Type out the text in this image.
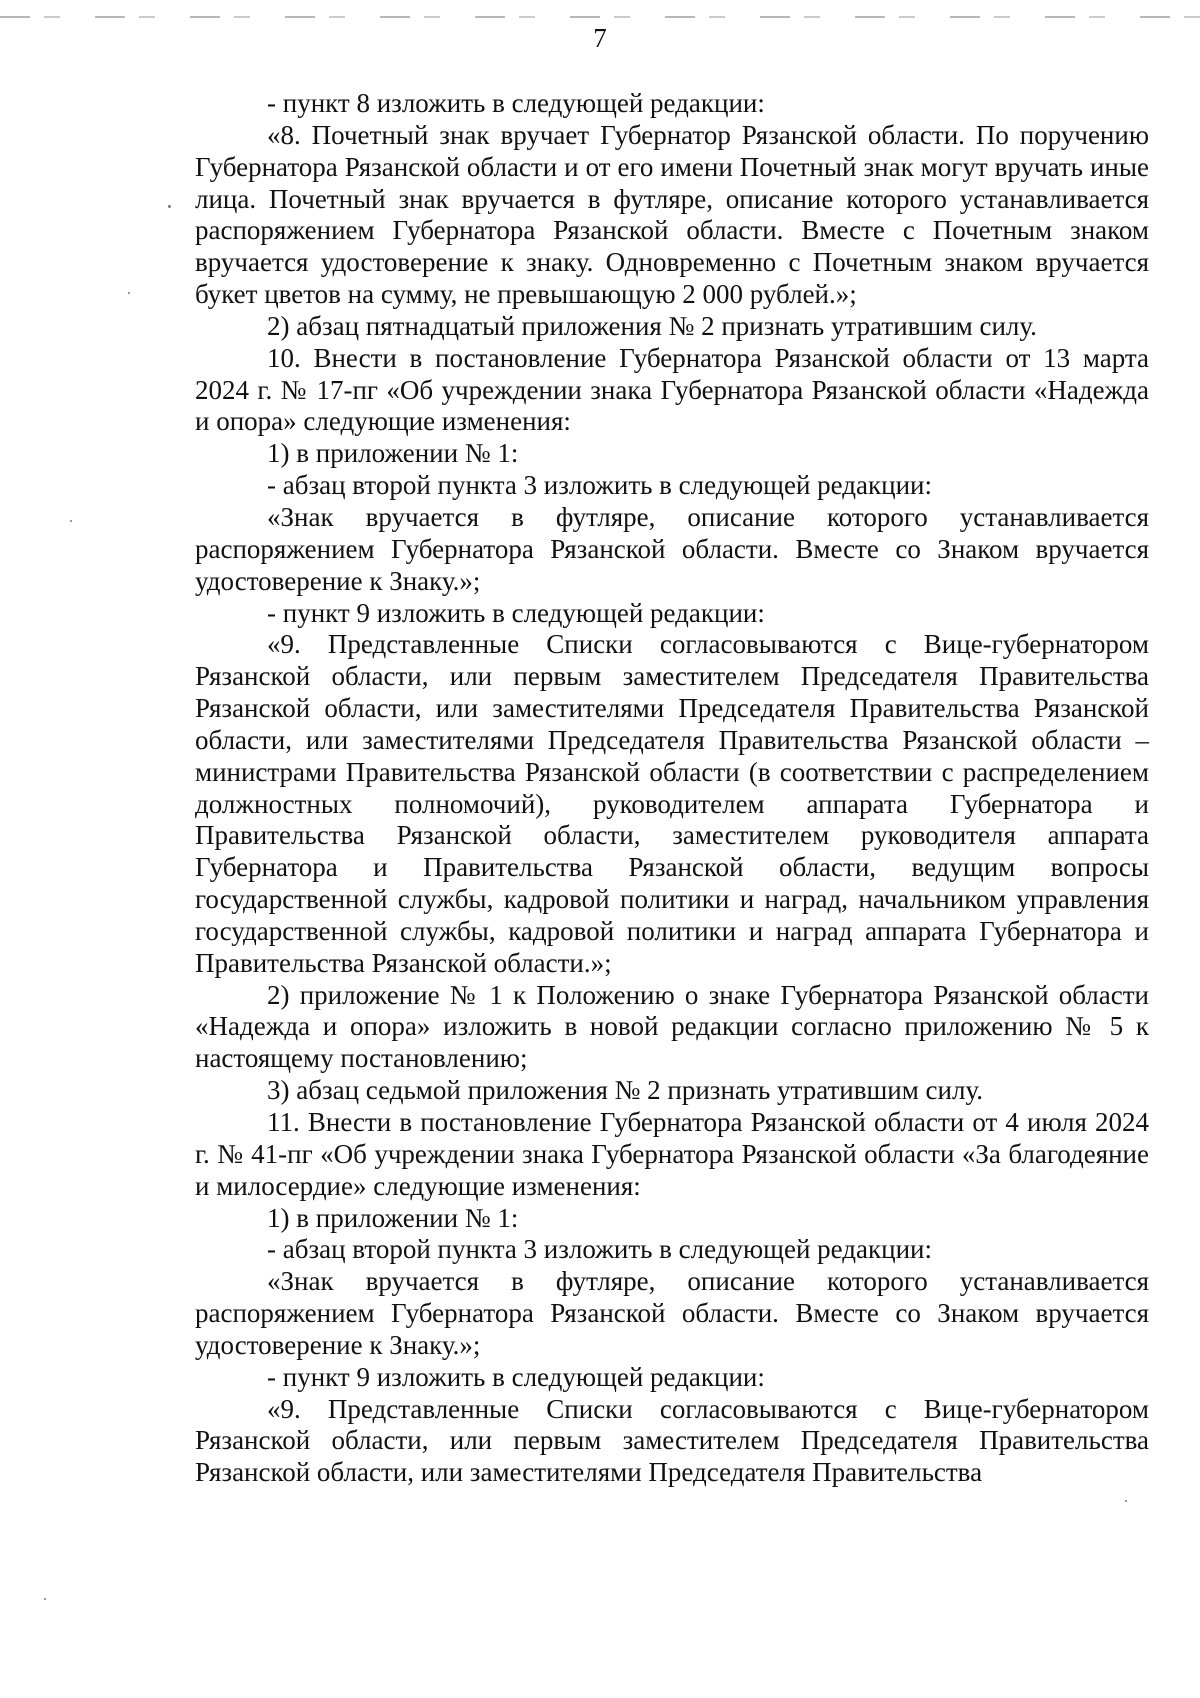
7

- пункт 8 изложить в следующей редакции:

«8. Почетный знак вручает Губернатор Рязанской области. По поручению Губернатора Рязанской области и от его имени Почетный знак могут вручать иные лица. Почетный знак вручается в футляре, описание которого устанавливается распоряжением Губернатора Рязанской области. Вместе с Почетным знаком вручается удостоверение к знаку. Одновременно с Почетным знаком вручается букет цветов на сумму, не превышающую 2 000 рублей.»;

2) абзац пятнадцатый приложения № 2 признать утратившим силу.

10. Внести в постановление Губернатора Рязанской области от 13 марта 2024 г. № 17-пг «Об учреждении знака Губернатора Рязанской области «Надежда и опора» следующие изменения:

1) в приложении № 1:

- абзац второй пункта 3 изложить в следующей редакции:

«Знак вручается в футляре, описание которого устанавливается распоряжением Губернатора Рязанской области. Вместе со Знаком вручается удостоверение к Знаку.»;

- пункт 9 изложить в следующей редакции:

«9. Представленные Списки согласовываются с Вице-губернатором Рязанской области, или первым заместителем Председателя Правительства Рязанской области, или заместителями Председателя Правительства Рязанской области, или заместителями Председателя Правительства Рязанской области – министрами Правительства Рязанской области (в соответствии с распределением должностных полномочий), руководителем аппарата Губернатора и Правительства Рязанской области, заместителем руководителя аппарата Губернатора и Правительства Рязанской области, ведущим вопросы государственной службы, кадровой политики и наград, начальником управления государственной службы, кадровой политики и наград аппарата Губернатора и Правительства Рязанской области.»;

2) приложение № 1 к Положению о знаке Губернатора Рязанской области «Надежда и опора» изложить в новой редакции согласно приложению № 5 к настоящему постановлению;

3) абзац седьмой приложения № 2 признать утратившим силу.

11. Внести в постановление Губернатора Рязанской области от 4 июля 2024 г. № 41-пг «Об учреждении знака Губернатора Рязанской области «За благодеяние и милосердие» следующие изменения:

1) в приложении № 1:

- абзац второй пункта 3 изложить в следующей редакции:

«Знак вручается в футляре, описание которого устанавливается распоряжением Губернатора Рязанской области. Вместе со Знаком вручается удостоверение к Знаку.»;

- пункт 9 изложить в следующей редакции:

«9. Представленные Списки согласовываются с Вице-губернатором Рязанской области, или первым заместителем Председателя Правительства Рязанской области, или заместителями Председателя Правительства
